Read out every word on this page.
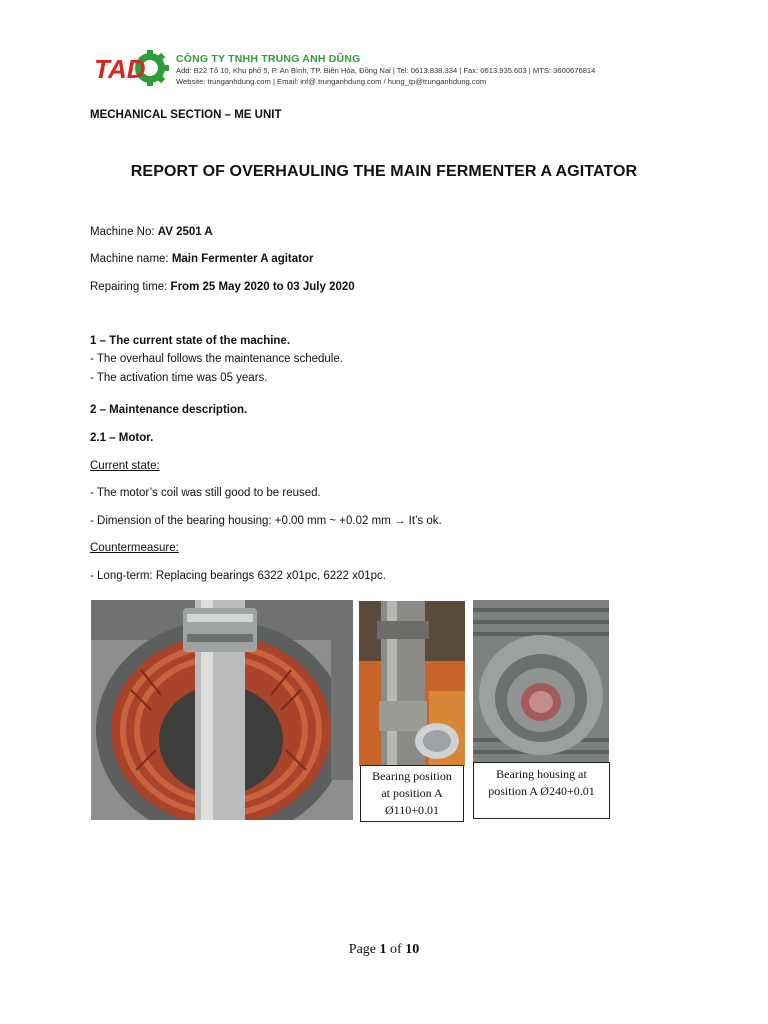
TAD	CÔNG TY TNHH TRUNG ANH DŨNG
Add: B22 Tổ 10, Khu phố 5, P. An Bình, TP. Biên Hòa, Đồng Nai | Tel: 0613.838.334 | Fax: 0613.935.603 | MTS: 3600676814
Website: trunganhdung.com | Email: inf@.trunganhdung.com / hung_tp@trunganhdung.com
MECHANICAL SECTION – ME UNIT
REPORT OF OVERHAULING THE MAIN FERMENTER A AGITATOR
Machine No: AV 2501 A
Machine name: Main Fermenter A agitator
Repairing time: From 25 May 2020 to 03 July 2020
1 – The current state of the machine.
- The overhaul follows the maintenance schedule.
- The activation time was 05 years.
2 – Maintenance description.
2.1 – Motor.
Current state:
- The motor’s coil was still good to be reused.
- Dimension of the bearing housing: +0.00 mm ~ +0.02 mm → It’s ok.
Countermeasure:
- Long-term: Replacing bearings 6322 x01pc, 6222 x01pc.
Bearing position
at position A
Ø110+0.01
Bearing housing at
position A Ø240+0.01
Page 1 of 10
